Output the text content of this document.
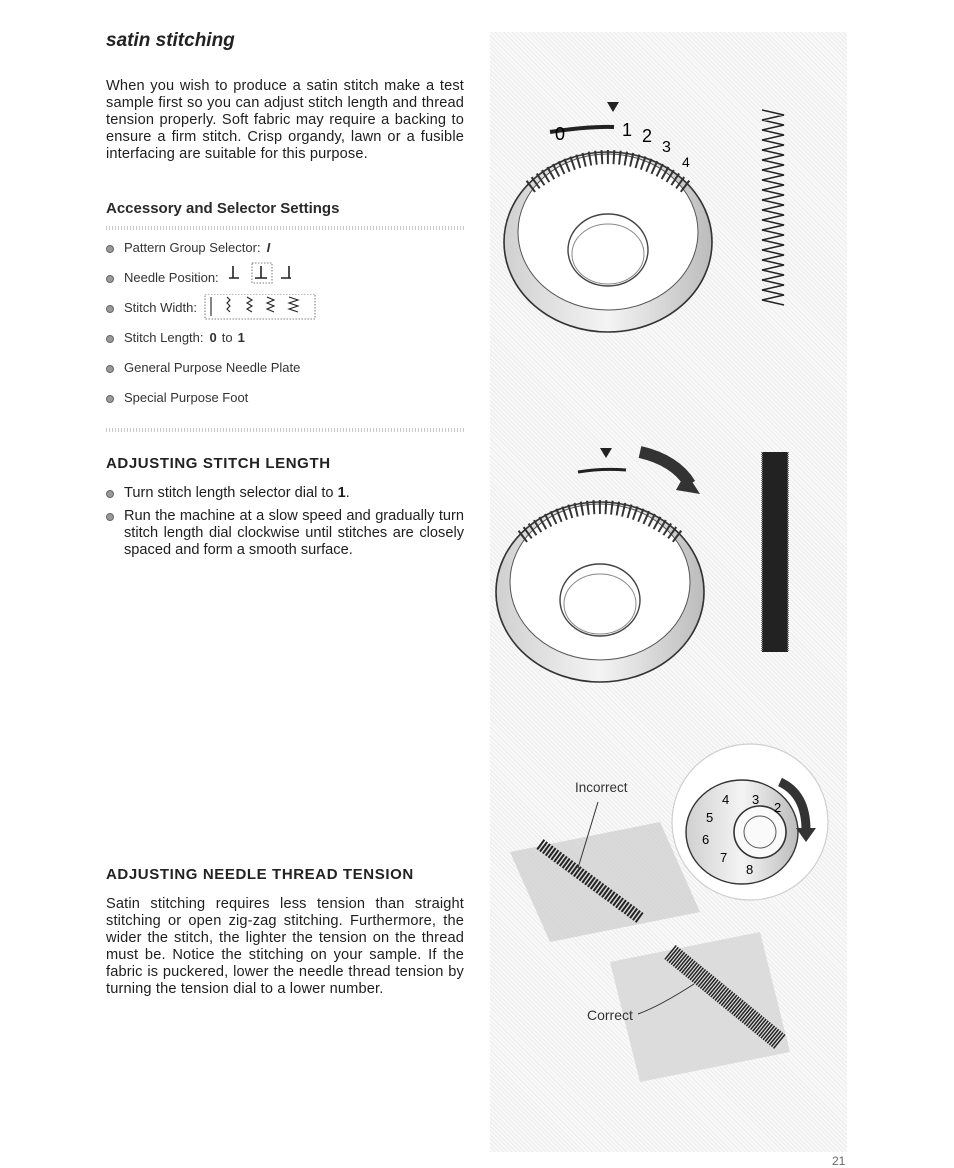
satin stitching
When you wish to produce a satin stitch make a test sample first so you can adjust stitch length and thread tension properly. Soft fabric may require a backing to ensure a firm stitch. Crisp organdy, lawn or a fusible interfacing are suitable for this purpose.
Accessory and Selector Settings
Pattern Group Selector: I
Needle Position:
Stitch Width:
Stitch Length: 0 to 1
General Purpose Needle Plate
Special Purpose Foot
ADJUSTING STITCH LENGTH
Turn stitch length selector dial to 1.
Run the machine at a slow speed and gradually turn stitch length dial clockwise until stitches are closely spaced and form a smooth surface.
ADJUSTING NEEDLE THREAD TENSION
Satin stitching requires less tension than straight stitching or open zig-zag stitching. Furthermore, the wider the stitch, the lighter the tension on the thread must be. Notice the stitching on your sample. If the fabric is puckered, lower the needle thread tension by turning the tension dial to a lower number.
0	1 2
3
4
4 3
2
5
6
7
8
Incorrect
Correct
21
